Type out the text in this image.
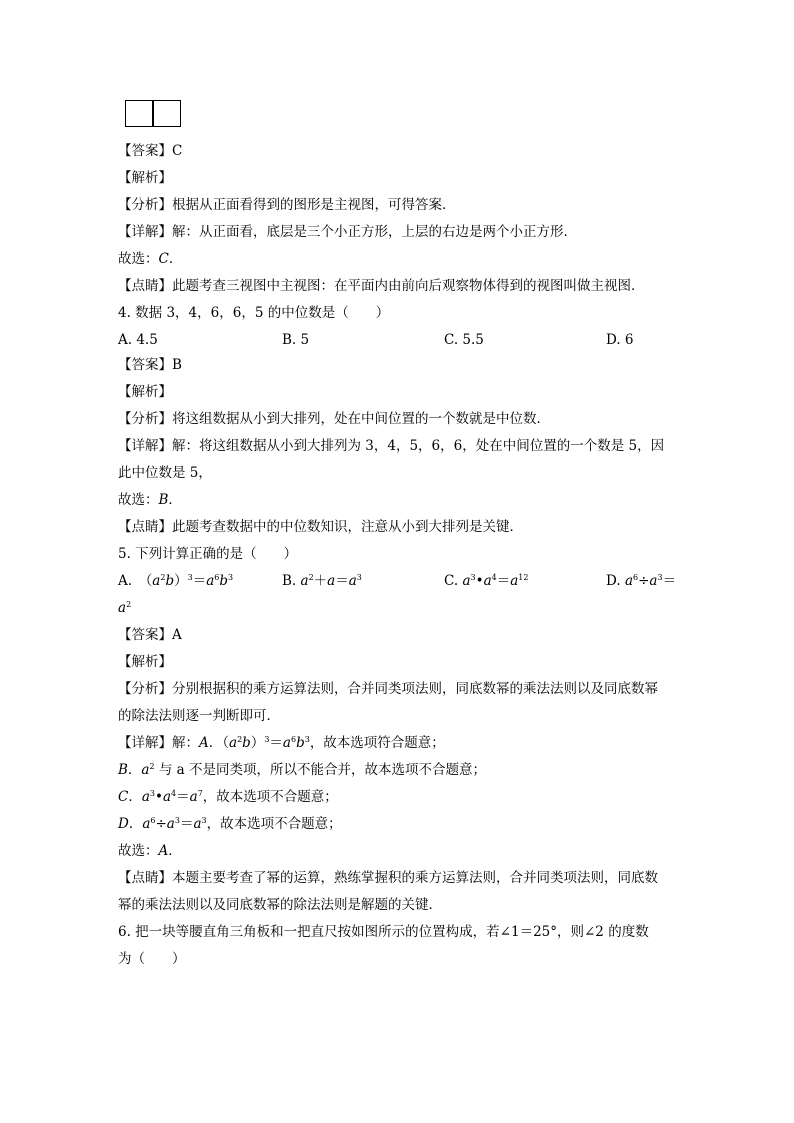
【答案】C
【解析】
【分析】根据从正面看得到的图形是主视图，可得答案．
【详解】解：从正面看，底层是三个小正方形，上层的右边是两个小正方形．
故选：C．
【点睛】此题考查三视图中主视图：在平面内由前向后观察物体得到的视图叫做主视图．
4. 数据 3，4，6，6，5 的中位数是（　　）
A. 4.5	B. 5	C. 5.5	D. 6
【答案】B
【解析】
【分析】将这组数据从小到大排列，处在中间位置的一个数就是中位数．
【详解】解：将这组数据从小到大排列为 3，4，5，6，6，处在中间位置的一个数是 5，因
此中位数是 5，
故选：B．
【点睛】此题考查数据中的中位数知识，注意从小到大排列是关键．
5. 下列计算正确的是（　　）
A.　$(a^2b)^3=a^6b^3$	B. $a^2+a=a^3$	C. $a^3•a^4=a^{12}$	D. $a^6\div a^3=$
$a^2$
【答案】A
【解析】
【分析】分别根据积的乘方运算法则，合并同类项法则，同底数幂的乘法法则以及同底数幂
的除法法则逐一判断即可．
【详解】解：A．$(a^2b)^3=a^6b^3$，故本选项符合题意；
B．$a^2$ 与 a 不是同类项，所以不能合并，故本选项不合题意；
C．$a^3•a^4=a^7$，故本选项不合题意；
D．$a^6\div a^3=a^3$，故本选项不合题意；
故选：A．
【点睛】本题主要考查了幂的运算，熟练掌握积的乘方运算法则，合并同类项法则，同底数
幂的乘法法则以及同底数幂的除法法则是解题的关键．
6. 把一块等腰直角三角板和一把直尺按如图所示的位置构成，若∠1＝25°，则∠2 的度数
为（　　）
